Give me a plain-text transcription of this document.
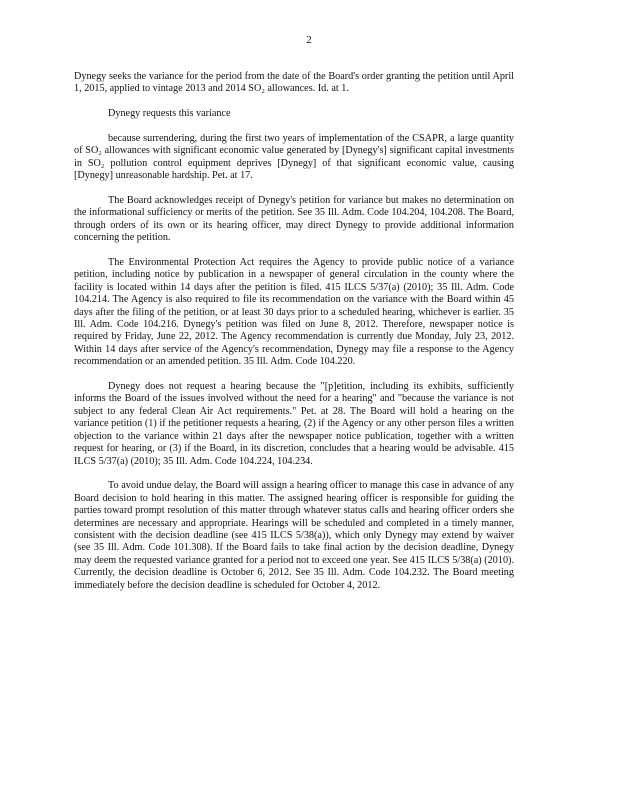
2

Dynegy seeks the variance for the period from the date of the Board's order granting the petition until April 1, 2015, applied to vintage 2013 and 2014 SO₂ allowances. Id. at 1.

Dynegy requests this variance

because surrendering, during the first two years of implementation of the CSAPR, a large quantity of SO₂ allowances with significant economic value generated by [Dynegy's] significant capital investments in SO₂ pollution control equipment deprives [Dynegy] of that significant economic value, causing [Dynegy] unreasonable hardship. Pet. at 17.

The Board acknowledges receipt of Dynegy's petition for variance but makes no determination on the informational sufficiency or merits of the petition. See 35 Ill. Adm. Code 104.204, 104.208. The Board, through orders of its own or its hearing officer, may direct Dynegy to provide additional information concerning the petition.

The Environmental Protection Act requires the Agency to provide public notice of a variance petition, including notice by publication in a newspaper of general circulation in the county where the facility is located within 14 days after the petition is filed. 415 ILCS 5/37(a) (2010); 35 Ill. Adm. Code 104.214. The Agency is also required to file its recommendation on the variance with the Board within 45 days after the filing of the petition, or at least 30 days prior to a scheduled hearing, whichever is earlier. 35 Ill. Adm. Code 104.216. Dynegy's petition was filed on June 8, 2012. Therefore, newspaper notice is required by Friday, June 22, 2012. The Agency recommendation is currently due Monday, July 23, 2012. Within 14 days after service of the Agency's recommendation, Dynegy may file a response to the Agency recommendation or an amended petition. 35 Ill. Adm. Code 104.220.

Dynegy does not request a hearing because the "[p]etition, including its exhibits, sufficiently informs the Board of the issues involved without the need for a hearing" and "because the variance is not subject to any federal Clean Air Act requirements." Pet. at 28. The Board will hold a hearing on the variance petition (1) if the petitioner requests a hearing, (2) if the Agency or any other person files a written objection to the variance within 21 days after the newspaper notice publication, together with a written request for hearing, or (3) if the Board, in its discretion, concludes that a hearing would be advisable. 415 ILCS 5/37(a) (2010); 35 Ill. Adm. Code 104.224, 104.234.

To avoid undue delay, the Board will assign a hearing officer to manage this case in advance of any Board decision to hold hearing in this matter. The assigned hearing officer is responsible for guiding the parties toward prompt resolution of this matter through whatever status calls and hearing officer orders she determines are necessary and appropriate. Hearings will be scheduled and completed in a timely manner, consistent with the decision deadline (see 415 ILCS 5/38(a)), which only Dynegy may extend by waiver (see 35 Ill. Adm. Code 101.308). If the Board fails to take final action by the decision deadline, Dynegy may deem the requested variance granted for a period not to exceed one year. See 415 ILCS 5/38(a) (2010). Currently, the decision deadline is October 6, 2012. See 35 Ill. Adm. Code 104.232. The Board meeting immediately before the decision deadline is scheduled for October 4, 2012.
